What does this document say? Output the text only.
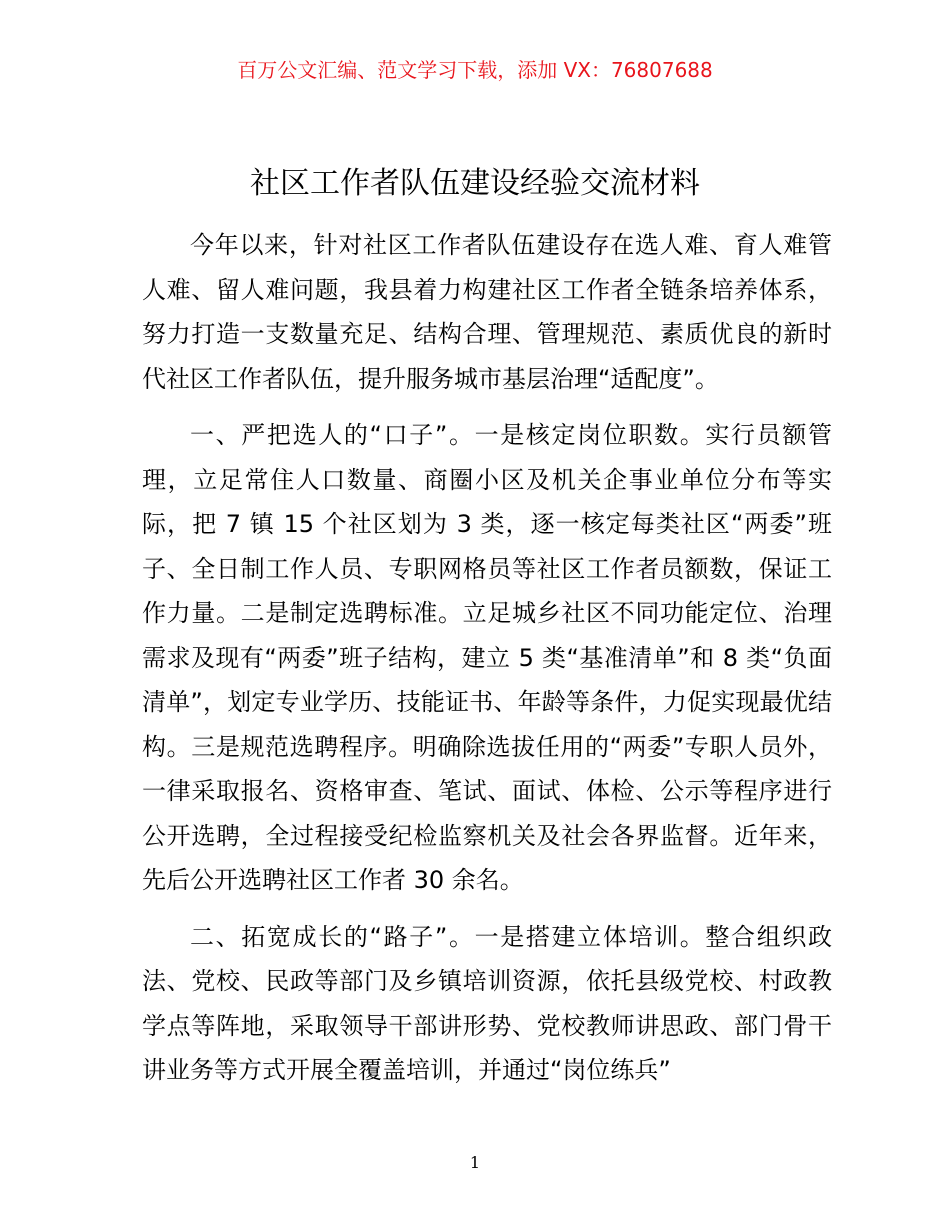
百万公文汇编、范文学习下载，添加 VX：76807688
社区工作者队伍建设经验交流材料

今年以来，针对社区工作者队伍建设存在选人难、育人难管人难、留人难问题，我县着力构建社区工作者全链条培养体系，努力打造一支数量充足、结构合理、管理规范、素质优良的新时代社区工作者队伍，提升服务城市基层治理“适配度”。

一、严把选人的“口子”。一是核定岗位职数。实行员额管理，立足常住人口数量、商圈小区及机关企事业单位分布等实际，把 7 镇 15 个社区划为 3 类，逐一核定每类社区“两委”班子、全日制工作人员、专职网格员等社区工作者员额数，保证工作力量。二是制定选聘标准。立足城乡社区不同功能定位、治理需求及现有“两委”班子结构，建立 5 类“基准清单”和 8 类“负面清单”，划定专业学历、技能证书、年龄等条件，力促实现最优结构。三是规范选聘程序。明确除选拔任用的“两委”专职人员外，一律采取报名、资格审查、笔试、面试、体检、公示等程序进行公开选聘，全过程接受纪检监察机关及社会各界监督。近年来，先后公开选聘社区工作者 30 余名。

二、拓宽成长的“路子”。一是搭建立体培训。整合组织政法、党校、民政等部门及乡镇培训资源，依托县级党校、村政教学点等阵地，采取领导干部讲形势、党校教师讲思政、部门骨干讲业务等方式开展全覆盖培训，并通过“岗位练兵”

1
